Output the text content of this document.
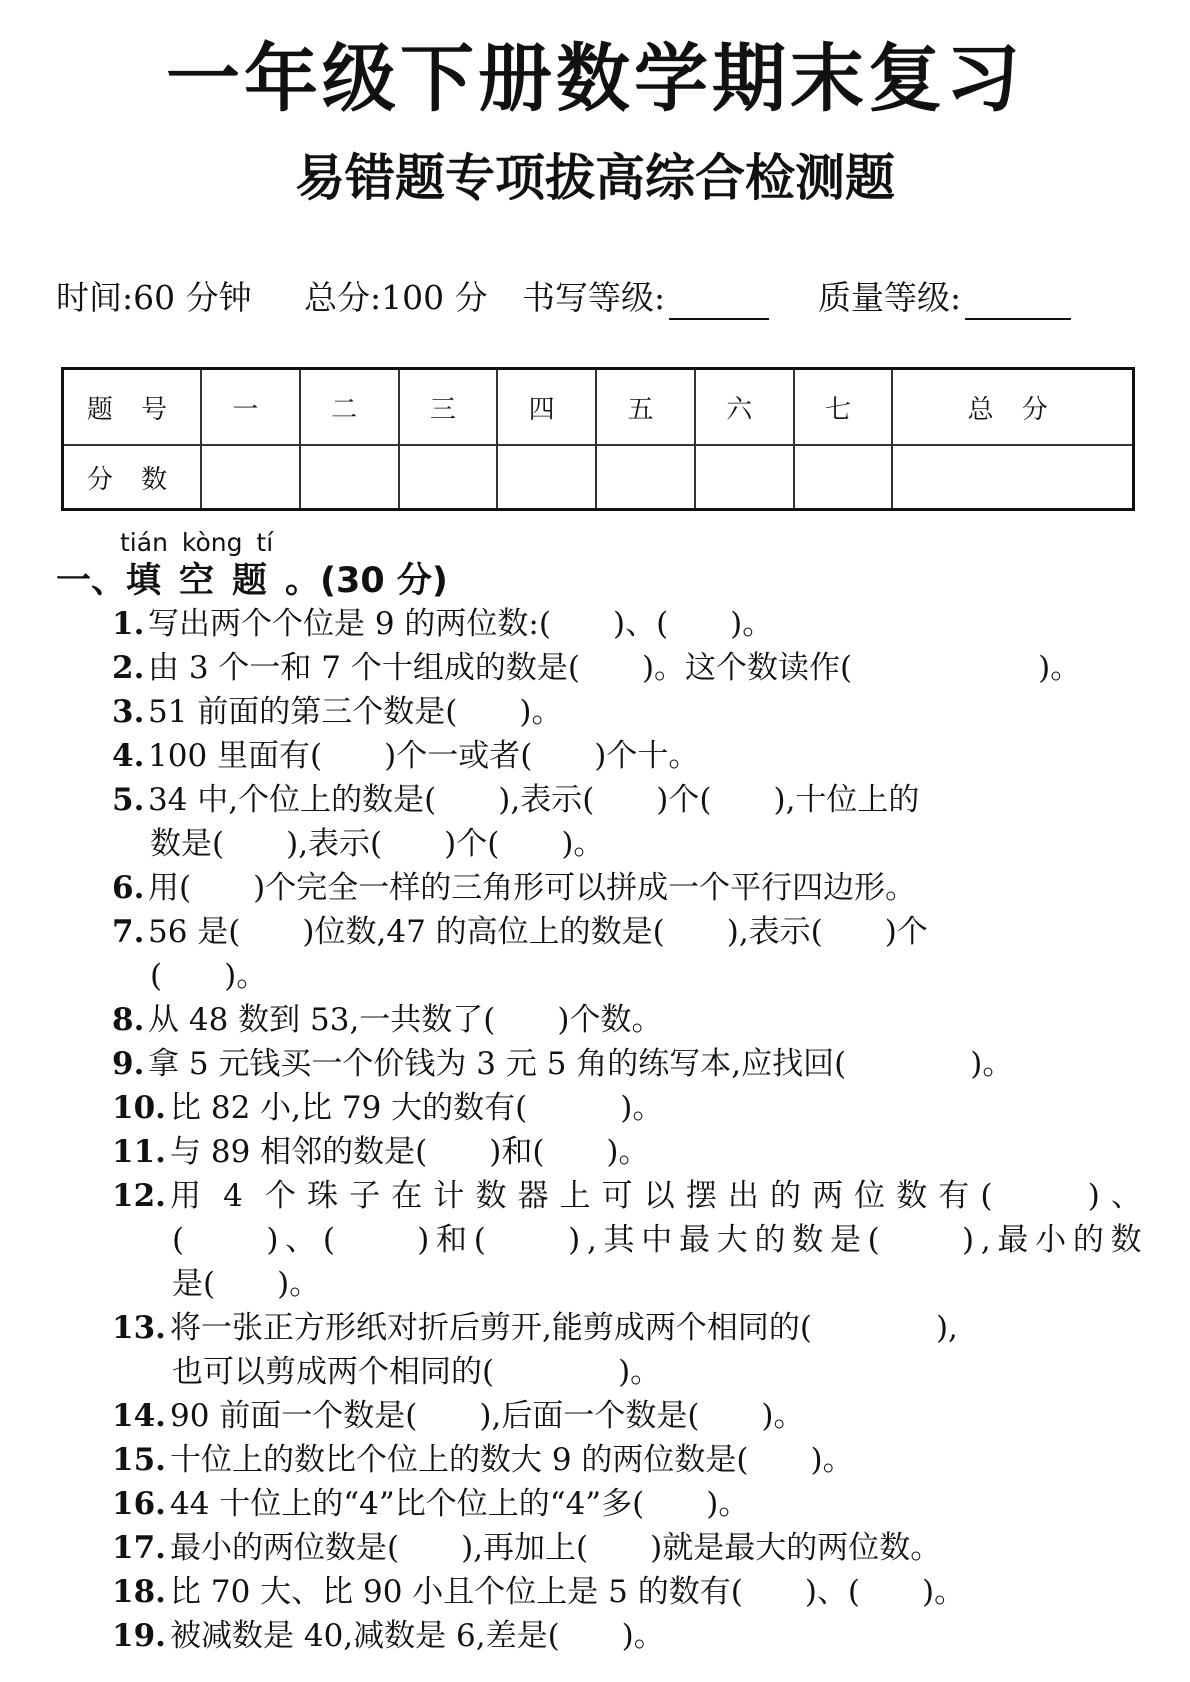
一年级下册数学期末复习
易错题专项拔高综合检测题
时间:60 分钟 总分:100 分 书写等级:	质量等级:
题 号	一	二	三	四	五	六	七	总 分
分 数								
tián kòng tí
一、填空题。(30 分)
1. 写出两个个位是 9 的两位数:(　　)、(　　)。
2. 由 3 个一和 7 个十组成的数是(　　)。这个数读作(　　　　　　)。
3. 51 前面的第三个数是(　　)。
4. 100 里面有(　　)个一或者(　　)个十。
5. 34 中,个位上的数是(　　),表示(　　)个(　　),十位上的
数是(　　),表示(　　)个(　　)。
6. 用(　　)个完全一样的三角形可以拼成一个平行四边形。
7. 56 是(　　)位数,47 的高位上的数是(　　),表示(　　)个
(　　)。
8. 从 48 数到 53,一共数了(　　)个数。
9. 拿 5 元钱买一个价钱为 3 元 5 角的练写本,应找回(　　　　)。
10. 比 82 小,比 79 大的数有(　　　)。
11. 与 89 相邻的数是(　　)和(　　)。
12. 用 4 个 珠 子 在 计 数 器 上 可 以 摆 出 的 两 位 数 有 (

　	) 、
(

　	) 、 (

　	) 和 (

　	) , 其 中 最 大 的 数 是 (

　	) , 最 小 的 数
是(　　)。
13. 将一张正方形纸对折后剪开,能剪成两个相同的(　　　　),
也可以剪成两个相同的(　　　　)。
14. 90 前面一个数是(　　),后面一个数是(　　)。
15. 十位上的数比个位上的数大 9 的两位数是(　　)。
16. 44 十位上的“4”比个位上的“4”多(　　)。
17. 最小的两位数是(　　),再加上(　　)就是最大的两位数。
18. 比 70 大、比 90 小且个位上是 5 的数有(　　)、(　　)。
19. 被减数是 40,减数是 6,差是(　　)。
